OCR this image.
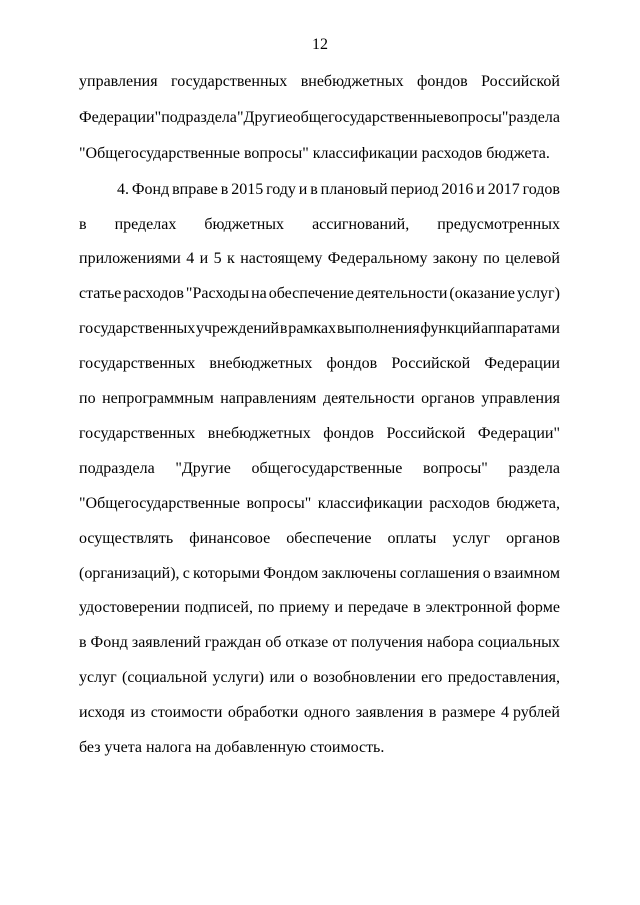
12
управления государственных внебюджетных фондов Российской
Федерации" подраздела "Другие общегосударственные вопросы" раздела
"Общегосударственные вопросы" классификации расходов бюджета.
4. Фонд вправе в 2015 году и в плановый период 2016 и 2017 годов
в пределах бюджетных ассигнований, предусмотренных
приложениями 4 и 5 к настоящему Федеральному закону по целевой
статье расходов "Расходы на обеспечение деятельности (оказание услуг)
государственных учреждений в рамках выполнения функций аппаратами
государственных внебюджетных фондов Российской Федерации
по непрограммным направлениям деятельности органов управления
государственных внебюджетных фондов Российской Федерации"
подраздела "Другие общегосударственные вопросы" раздела
"Общегосударственные вопросы" классификации расходов бюджета,
осуществлять финансовое обеспечение оплаты услуг органов
(организаций), с которыми Фондом заключены соглашения о взаимном
удостоверении подписей, по приему и передаче в электронной форме
в Фонд заявлений граждан об отказе от получения набора социальных
услуг (социальной услуги) или о возобновлении его предоставления,
исходя из стоимости обработки одного заявления в размере 4 рублей
без учета налога на добавленную стоимость.
